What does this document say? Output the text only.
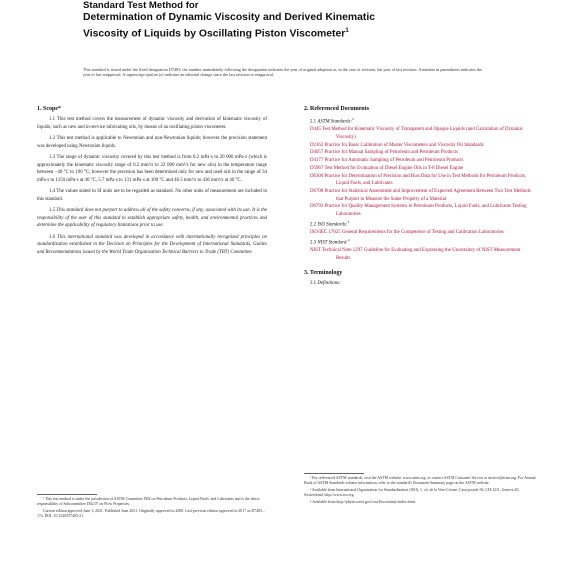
Standard Test Method for
Determination of Dynamic Viscosity and Derived Kinematic
Viscosity of Liquids by Oscillating Piston Viscometer$^1$
This standard is issued under the fixed designation D7483; the number immediately following the designation indicates the year of original adoption or, in the case of revision, the year of last revision. A number in parentheses indicates the year of last reapproval. A superscript epsilon (ε) indicates an editorial change since the last revision or reapproval.
1. Scope*
1.1 This test method covers the measurement of dynamic viscosity and derivation of kinematic viscosity of liquids, such as new and in-service lubricating oils, by means of an oscillating piston viscometer.
1.2 This test method is applicable to Newtonian and non-Newtonian liquids; however the precision statement was developed using Newtonian liquids.
1.3 The range of dynamic viscosity covered by this test method is from 0.2 mPa·s to 20 000 mPa·s (which is approximately the kinematic viscosity range of 0.2 mm²/s to 22 000 mm²/s for new oils) in the temperature range between −40 °C to 190 °C; however the precision has been determined only for new and used oils in the range of 34 mPa·s to 1150 mPa·s at 40 °C, 5.7 mPa·s to 131 mPa·s at 100 °C and 46.5 mm²/s to 436 mm²/s at 40 °C.
1.4 The values stated in SI units are to be regarded as standard. No other units of measurement are included in this standard.
1.5 This standard does not purport to address all of the safety concerns, if any, associated with its use. It is the responsibility of the user of this standard to establish appropriate safety, health, and environmental practices and determine the applicability of regulatory limitations prior to use.
1.6 This international standard was developed in accordance with internationally recognized principles on standardization established in the Decision on Principles for the Development of International Standards, Guides and Recommendations issued by the World Trade Organization Technical Barriers to Trade (TBT) Committee.
2. Referenced Documents
2.1 ASTM Standards:$^2$
D445 Test Method for Kinematic Viscosity of Transparent and Opaque Liquids (and Calculation of Dynamic Viscosity)
D2162 Practice for Basic Calibration of Master Viscometers and Viscosity Oil Standards
D4057 Practice for Manual Sampling of Petroleum and Petroleum Products
D4177 Practice for Automatic Sampling of Petroleum and Petroleum Products
D5967 Test Method for Evaluation of Diesel Engine Oils in T-8 Diesel Engine
D6300 Practice for Determination of Precision and Bias Data for Use in Test Methods for Petroleum Products, Liquid Fuels, and Lubricants
D6708 Practice for Statistical Assessment and Improvement of Expected Agreement Between Two Test Methods that Purport to Measure the Same Property of a Material
D6792 Practice for Quality Management Systems in Petroleum Products, Liquid Fuels, and Lubricants Testing Laboratories
2.2 ISO Standards:$^3$
ISO/IEC 17025 General Requirements for the Competence of Testing and Calibration Laboratories
2.3 NIST Standard:$^4$
NIST Technical Note 1297 Guideline for Evaluating and Expressing the Uncertainty of NIST Measurement Results
3. Terminology
3.1 Definitions:
¹ This test method is under the jurisdiction of ASTM Committee D02 on Petroleum Products, Liquid Fuels, and Lubricants and is the direct responsibility of Subcommittee D02.07 on Flow Properties.
Current edition approved June 1, 2021. Published June 2021. Originally approved in 2008. Last previous edition approved in 2017 as D7483 – 17a. DOI: 10.1520/D7483-21.
² For referenced ASTM standards, visit the ASTM website, www.astm.org, or contact ASTM Customer Service at service@astm.org. For Annual Book of ASTM Standards volume information, refer to the standard's Document Summary page on the ASTM website.
³ Available from International Organization for Standardization (ISO), 1, ch. de la Voie-Creuse, Case postale 56, CH-1211, Geneva 20, Switzerland, http://www.iso.org.
⁴ Available from http://physics.nist.gov/cuu/Uncertainty/index.html.
